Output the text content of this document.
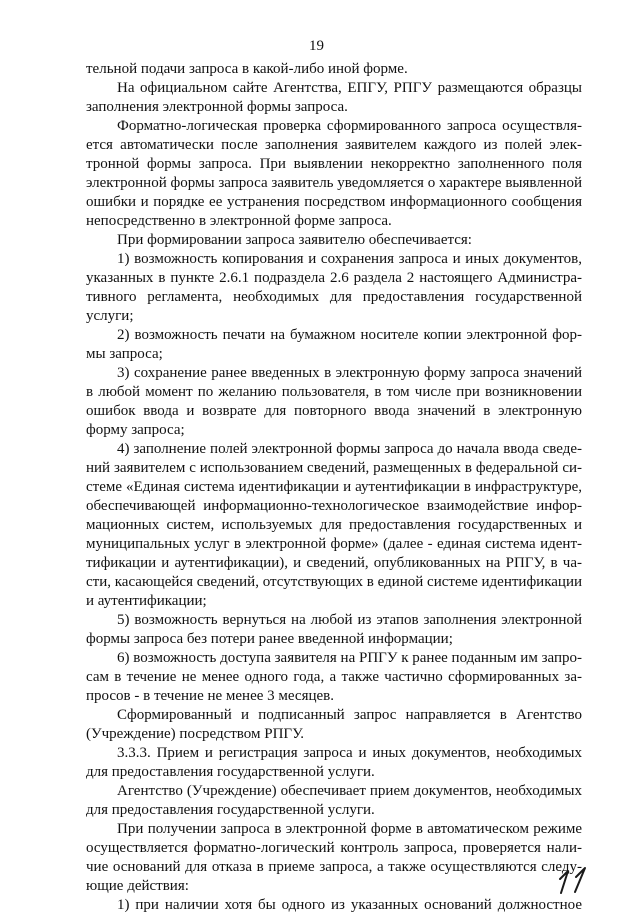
19
тельной подачи запроса в какой-либо иной форме.
На официальном сайте Агентства, ЕПГУ, РПГУ размещаются образцы
заполнения электронной формы запроса.
Форматно-логическая проверка сформированного запроса осуществля-
ется автоматически после заполнения заявителем каждого из полей элек-
тронной формы запроса. При выявлении некорректно заполненного поля
электронной формы запроса заявитель уведомляется о характере выявленной
ошибки и порядке ее устранения посредством информационного сообщения
непосредственно в электронной форме запроса.
При формировании запроса заявителю обеспечивается:
1) возможность копирования и сохранения запроса и иных документов,
указанных в пункте 2.6.1 подраздела 2.6 раздела 2 настоящего Администра-
тивного регламента, необходимых для предоставления государственной
услуги;
2) возможность печати на бумажном носителе копии электронной фор-
мы запроса;
3) сохранение ранее введенных в электронную форму запроса значений
в любой момент по желанию пользователя, в том числе при возникновении
ошибок ввода и возврате для повторного ввода значений в электронную
форму запроса;
4) заполнение полей электронной формы запроса до начала ввода сведе-
ний заявителем с использованием сведений, размещенных в федеральной си-
стеме «Единая система идентификации и аутентификации в инфраструктуре,
обеспечивающей информационно-технологическое взаимодействие инфор-
мационных систем, используемых для предоставления государственных и
муниципальных услуг в электронной форме» (далее - единая система идент-
тификации и аутентификации), и сведений, опубликованных на РПГУ, в ча-
сти, касающейся сведений, отсутствующих в единой системе идентификации
и аутентификации;
5) возможность вернуться на любой из этапов заполнения электронной
формы запроса без потери ранее введенной информации;
6) возможность доступа заявителя на РПГУ к ранее поданным им запро-
сам в течение не менее одного года, а также частично сформированных за-
просов - в течение не менее 3 месяцев.
Сформированный и подписанный запрос направляется в Агентство
(Учреждение) посредством РПГУ.
3.3.3. Прием и регистрация запроса и иных документов, необходимых
для предоставления государственной услуги.
Агентство (Учреждение) обеспечивает прием документов, необходимых
для предоставления государственной услуги.
При получении запроса в электронной форме в автоматическом режиме
осуществляется форматно-логический контроль запроса, проверяется нали-
чие оснований для отказа в приеме запроса, а также осуществляются следу-
ющие действия:
1) при наличии хотя бы одного из указанных оснований должностное
